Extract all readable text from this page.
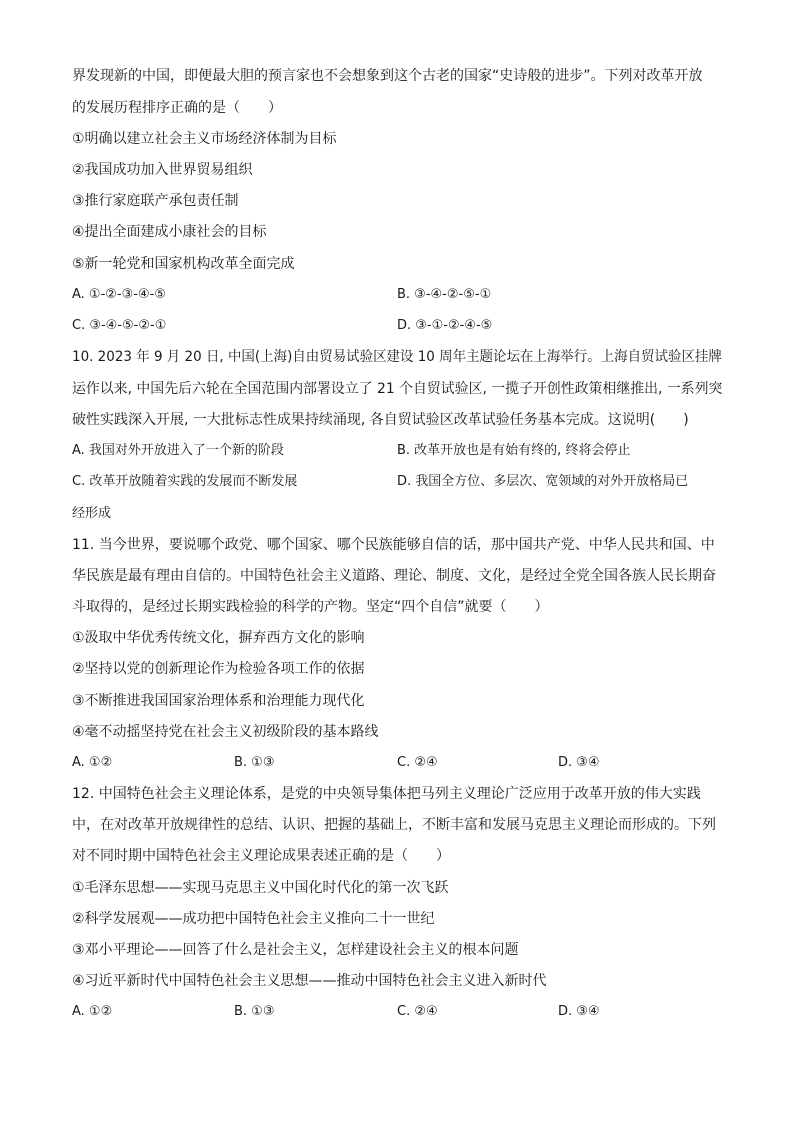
界发现新的中国，即便最大胆的预言家也不会想象到这个古老的国家“史诗般的进步”。下列对改革开放
的发展历程排序正确的是（　　）
①明确以建立社会主义市场经济体制为目标
②我国成功加入世界贸易组织
③推行家庭联产承包责任制
④提出全面建成小康社会的目标
⑤新一轮党和国家机构改革全面完成
A. ①-②-③-④-⑤	B. ③-④-②-⑤-①
C. ③-④-⑤-②-①	D. ③-①-②-④-⑤
10. 2023 年 9 月 20 日, 中国(上海)自由贸易试验区建设 10 周年主题论坛在上海举行。上海自贸试验区挂牌
运作以来, 中国先后六轮在全国范围内部署设立了 21 个自贸试验区, 一揽子开创性政策相继推出, 一系列突
破性实践深入开展, 一大批标志性成果持续涌现, 各自贸试验区改革试验任务基本完成。这说明(　　)
A. 我国对外开放进入了一个新的阶段	B. 改革开放也是有始有终的, 终将会停止
C. 改革开放随着实践的发展而不断发展	D. 我国全方位、多层次、宽领域的对外开放格局已
经形成
11. 当今世界，要说哪个政党、哪个国家、哪个民族能够自信的话，那中国共产党、中华人民共和国、中
华民族是最有理由自信的。中国特色社会主义道路、理论、制度、文化，是经过全党全国各族人民长期奋
斗取得的，是经过长期实践检验的科学的产物。坚定“四个自信”就要（　　）
①汲取中华优秀传统文化，摒弃西方文化的影响
②坚持以党的创新理论作为检验各项工作的依据
③不断推进我国国家治理体系和治理能力现代化
④毫不动摇坚持党在社会主义初级阶段的基本路线
A. ①②	B. ①③	C. ②④	D. ③④
12. 中国特色社会主义理论体系，是党的中央领导集体把马列主义理论广泛应用于改革开放的伟大实践
中，在对改革开放规律性的总结、认识、把握的基础上，不断丰富和发展马克思主义理论而形成的。下列
对不同时期中国特色社会主义理论成果表述正确的是（　　）
①毛泽东思想——实现马克思主义中国化时代化的第一次飞跃
②科学发展观——成功把中国特色社会主义推向二十一世纪
③邓小平理论——回答了什么是社会主义，怎样建设社会主义的根本问题
④习近平新时代中国特色社会主义思想——推动中国特色社会主义进入新时代
A. ①②	B. ①③	C. ②④	D. ③④
